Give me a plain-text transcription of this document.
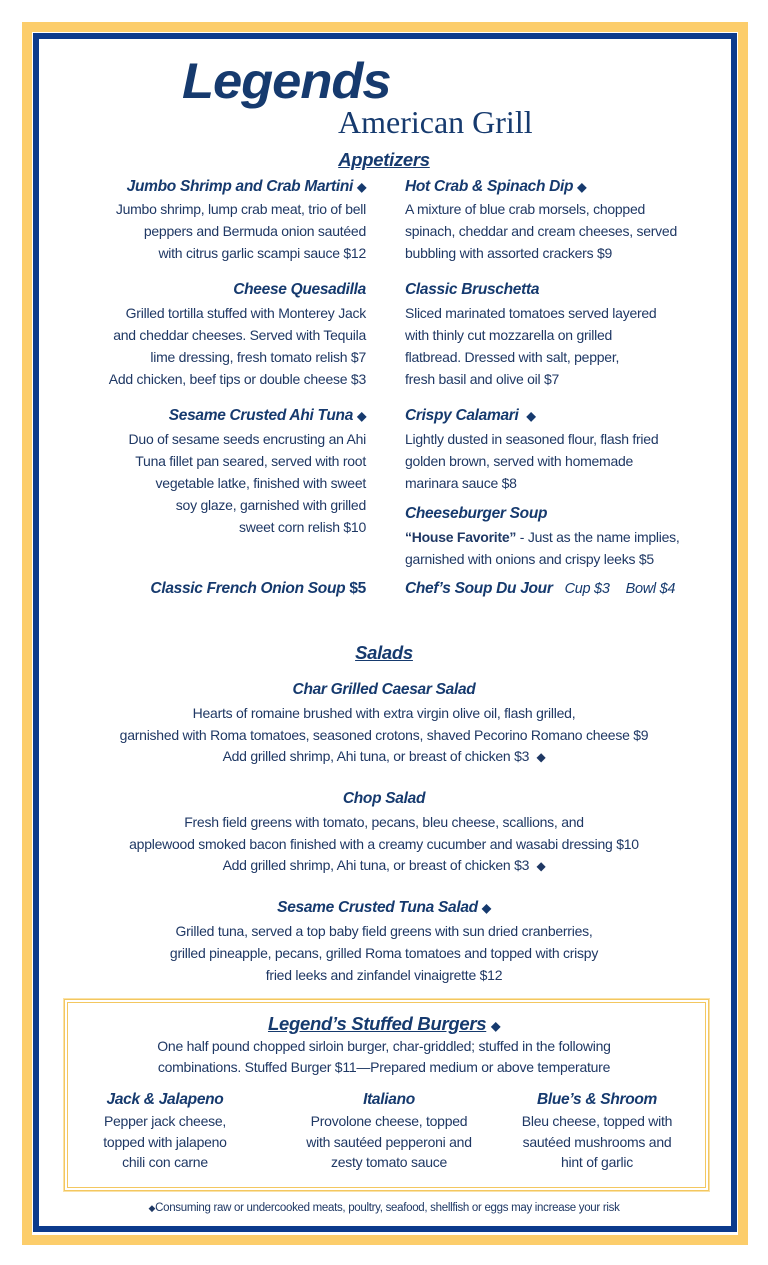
Legends
American Grill
Appetizers
Jumbo Shrimp and Crab Martini ◆
Jumbo shrimp, lump crab meat, trio of bell
peppers and Bermuda onion sautéed
with citrus garlic scampi sauce $12
Cheese Quesadilla
Grilled tortilla stuffed with Monterey Jack
and cheddar cheeses. Served with Tequila
lime dressing, fresh tomato relish $7
Add chicken, beef tips or double cheese $3
Sesame Crusted Ahi Tuna ◆
Duo of sesame seeds encrusting an Ahi
Tuna fillet pan seared, served with root
vegetable latke, finished with sweet
soy glaze, garnished with grilled
sweet corn relish $10
Classic French Onion Soup $5
Hot Crab & Spinach Dip ◆
A mixture of blue crab morsels, chopped
spinach, cheddar and cream cheeses, served
bubbling with assorted crackers $9
Classic Bruschetta
Sliced marinated tomatoes served layered
with thinly cut mozzarella on grilled
flatbread. Dressed with salt, pepper,
fresh basil and olive oil $7
Crispy Calamari ◆
Lightly dusted in seasoned flour, flash fried
golden brown, served with homemade
marinara sauce $8
Cheeseburger Soup
“House Favorite” - Just as the name implies,
garnished with onions and crispy leeks $5
Chef’s Soup Du Jour Cup $3 Bowl $4
Salads
Char Grilled Caesar Salad
Hearts of romaine brushed with extra virgin olive oil, flash grilled,
garnished with Roma tomatoes, seasoned crotons, shaved Pecorino Romano cheese $9
Add grilled shrimp, Ahi tuna, or breast of chicken $3 ◆
Chop Salad
Fresh field greens with tomato, pecans, bleu cheese, scallions, and
applewood smoked bacon finished with a creamy cucumber and wasabi dressing $10
Add grilled shrimp, Ahi tuna, or breast of chicken $3 ◆
Sesame Crusted Tuna Salad ◆
Grilled tuna, served a top baby field greens with sun dried cranberries,
grilled pineapple, pecans, grilled Roma tomatoes and topped with crispy
fried leeks and zinfandel vinaigrette $12
Legend’s Stuffed Burgers ◆
One half pound chopped sirloin burger, char-griddled; stuffed in the following
combinations. Stuffed Burger $11—Prepared medium or above temperature
Jack & Jalapeno
Pepper jack cheese,
topped with jalapeno
chili con carne
Italiano
Provolone cheese, topped
with sautéed pepperoni and
zesty tomato sauce
Blue’s & Shroom
Bleu cheese, topped with
sautéed mushrooms and
hint of garlic
◆Consuming raw or undercooked meats, poultry, seafood, shellfish or eggs may increase your risk
